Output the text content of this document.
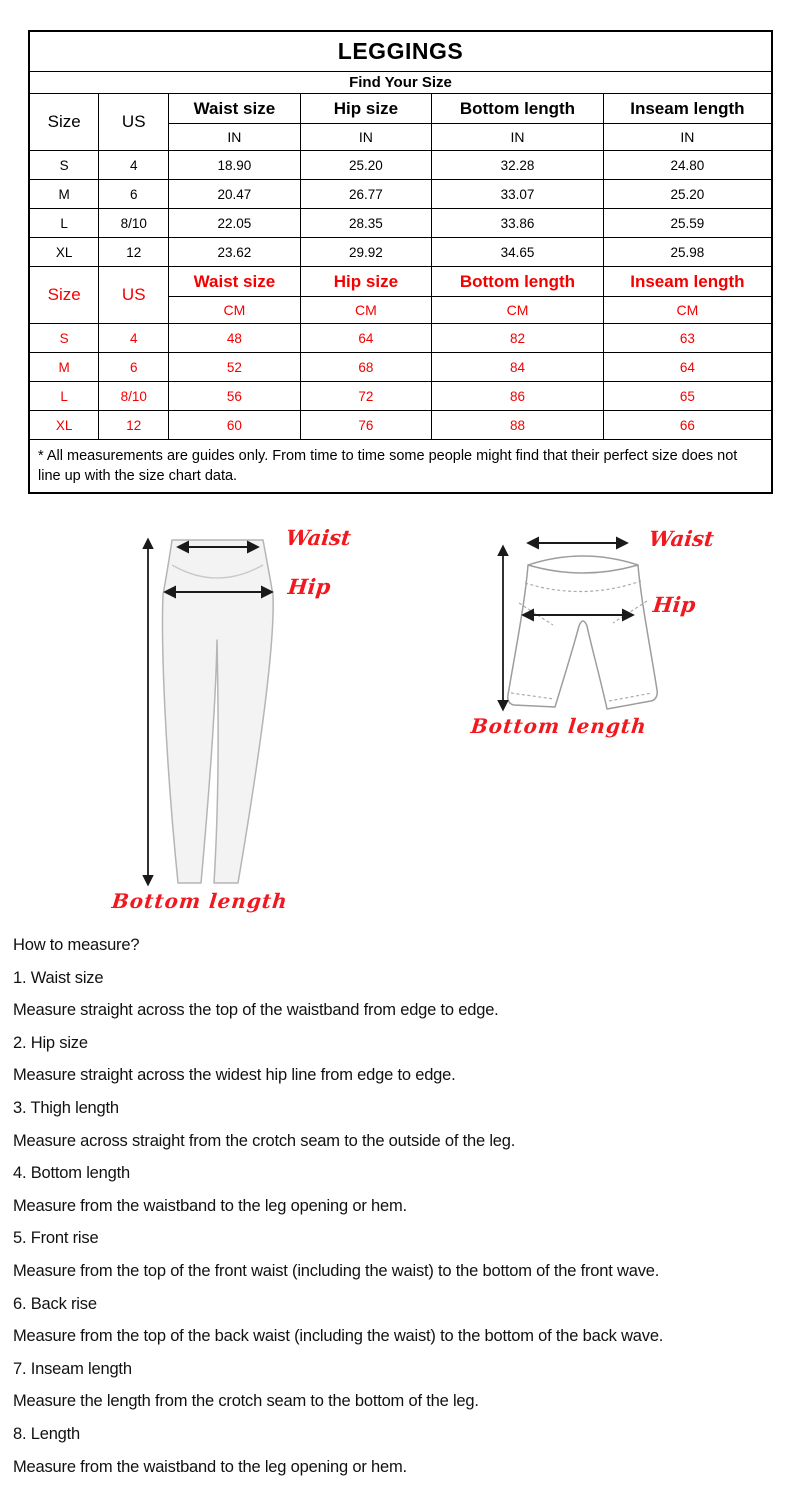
LEGGINGS					
Find Your Size					
Size	US	Waist size	Hip size	Bottom length	Inseam length
		IN	IN	IN	IN
S	4	18.90	25.20	32.28	24.80
M	6	20.47	26.77	33.07	25.20
L	8/10	22.05	28.35	33.86	25.59
XL	12	23.62	29.92	34.65	25.98
Size	US	Waist size	Hip size	Bottom length	Inseam length
		CM	CM	CM	CM
S	4	48	64	82	63
M	6	52	68	84	64
L	8/10	56	72	86	65
XL	12	60	76	88	66
* All measurements are guides only. From time to time some people might find that their perfect size does not line up with the size chart data.					
Waist
Hip
Bottom length
Waist
Hip
Bottom length
How to measure?
1. Waist size
Measure straight across the top of the waistband from edge to edge.
2. Hip size
Measure straight across the widest hip line from edge to edge.
3. Thigh length
Measure across straight from the crotch seam to the outside of the leg.
4. Bottom length
Measure from the waistband to the leg opening or hem.
5. Front rise
Measure from the top of the front waist (including the waist) to the bottom of the front wave.
6. Back rise
Measure from the top of the back waist (including the waist) to the bottom of the back wave.
7. Inseam length
Measure the length from the crotch seam to the bottom of the leg.
8. Length
Measure from the waistband to the leg opening or hem.
